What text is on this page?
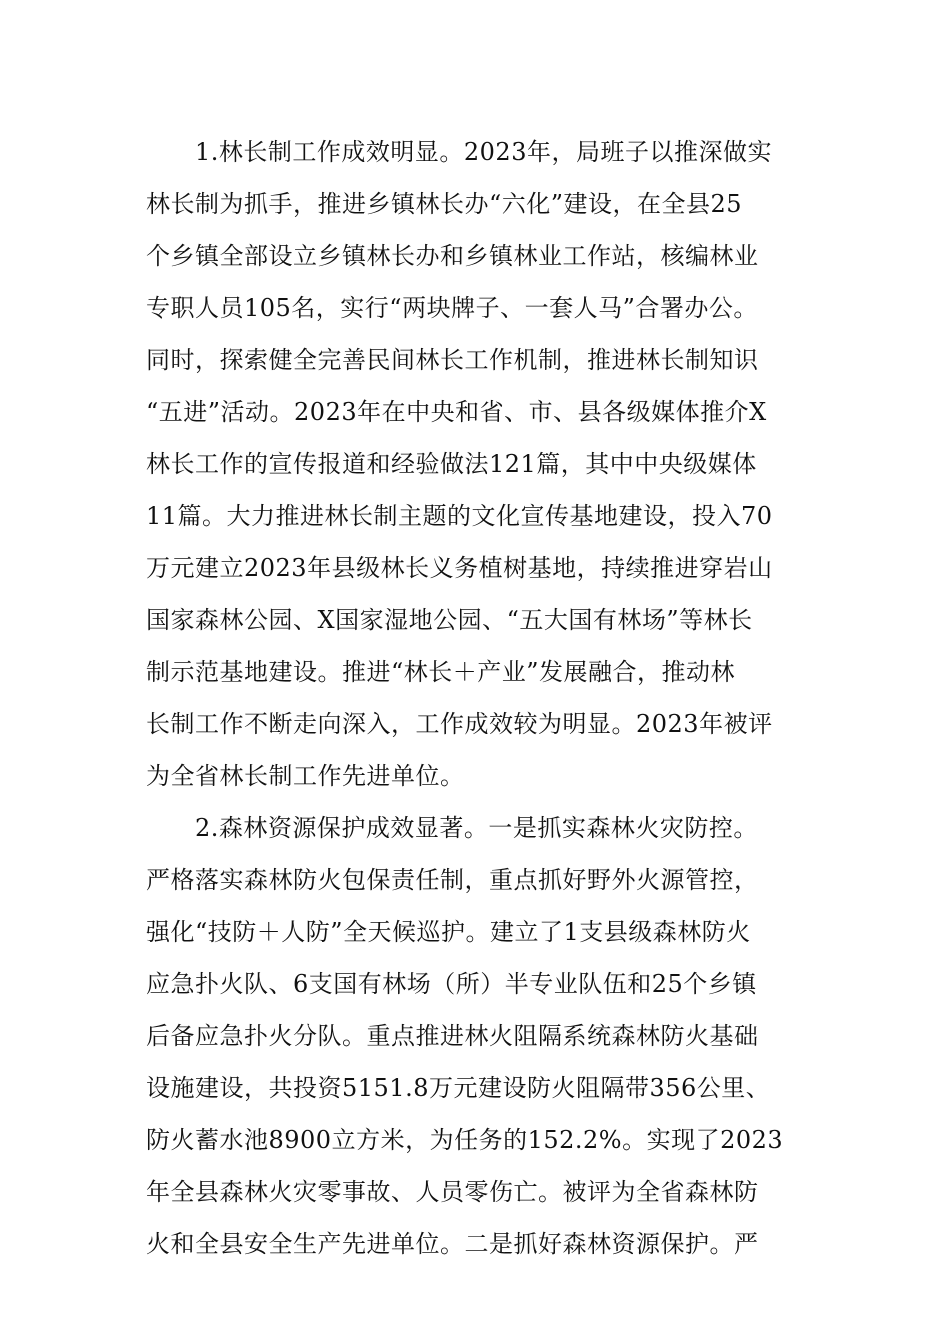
1.林长制工作成效明显。2023年，局班子以推深做实
林长制为抓手，推进乡镇林长办“六化”建设，在全县25
个乡镇全部设立乡镇林长办和乡镇林业工作站，核编林业
专职人员105名，实行“两块牌子、一套人马”合署办公。
同时，探索健全完善民间林长工作机制，推进林长制知识
“五进”活动。2023年在中央和省、市、县各级媒体推介X
林长工作的宣传报道和经验做法121篇，其中中央级媒体
11篇。大力推进林长制主题的文化宣传基地建设，投入70
万元建立2023年县级林长义务植树基地，持续推进穿岩山
国家森林公园、X国家湿地公园、“五大国有林场”等林长
制示范基地建设。推进“林长＋产业”发展融合，推动林
长制工作不断走向深入，工作成效较为明显。2023年被评
为全省林长制工作先进单位。
2.森林资源保护成效显著。一是抓实森林火灾防控。
严格落实森林防火包保责任制，重点抓好野外火源管控，
强化“技防＋人防”全天候巡护。建立了1支县级森林防火
应急扑火队、6支国有林场（所）半专业队伍和25个乡镇
后备应急扑火分队。重点推进林火阻隔系统森林防火基础
设施建设，共投资5151.8万元建设防火阻隔带356公里、
防火蓄水池8900立方米，为任务的152.2%。实现了2023
年全县森林火灾零事故、人员零伤亡。被评为全省森林防
火和全县安全生产先进单位。二是抓好森林资源保护。严
